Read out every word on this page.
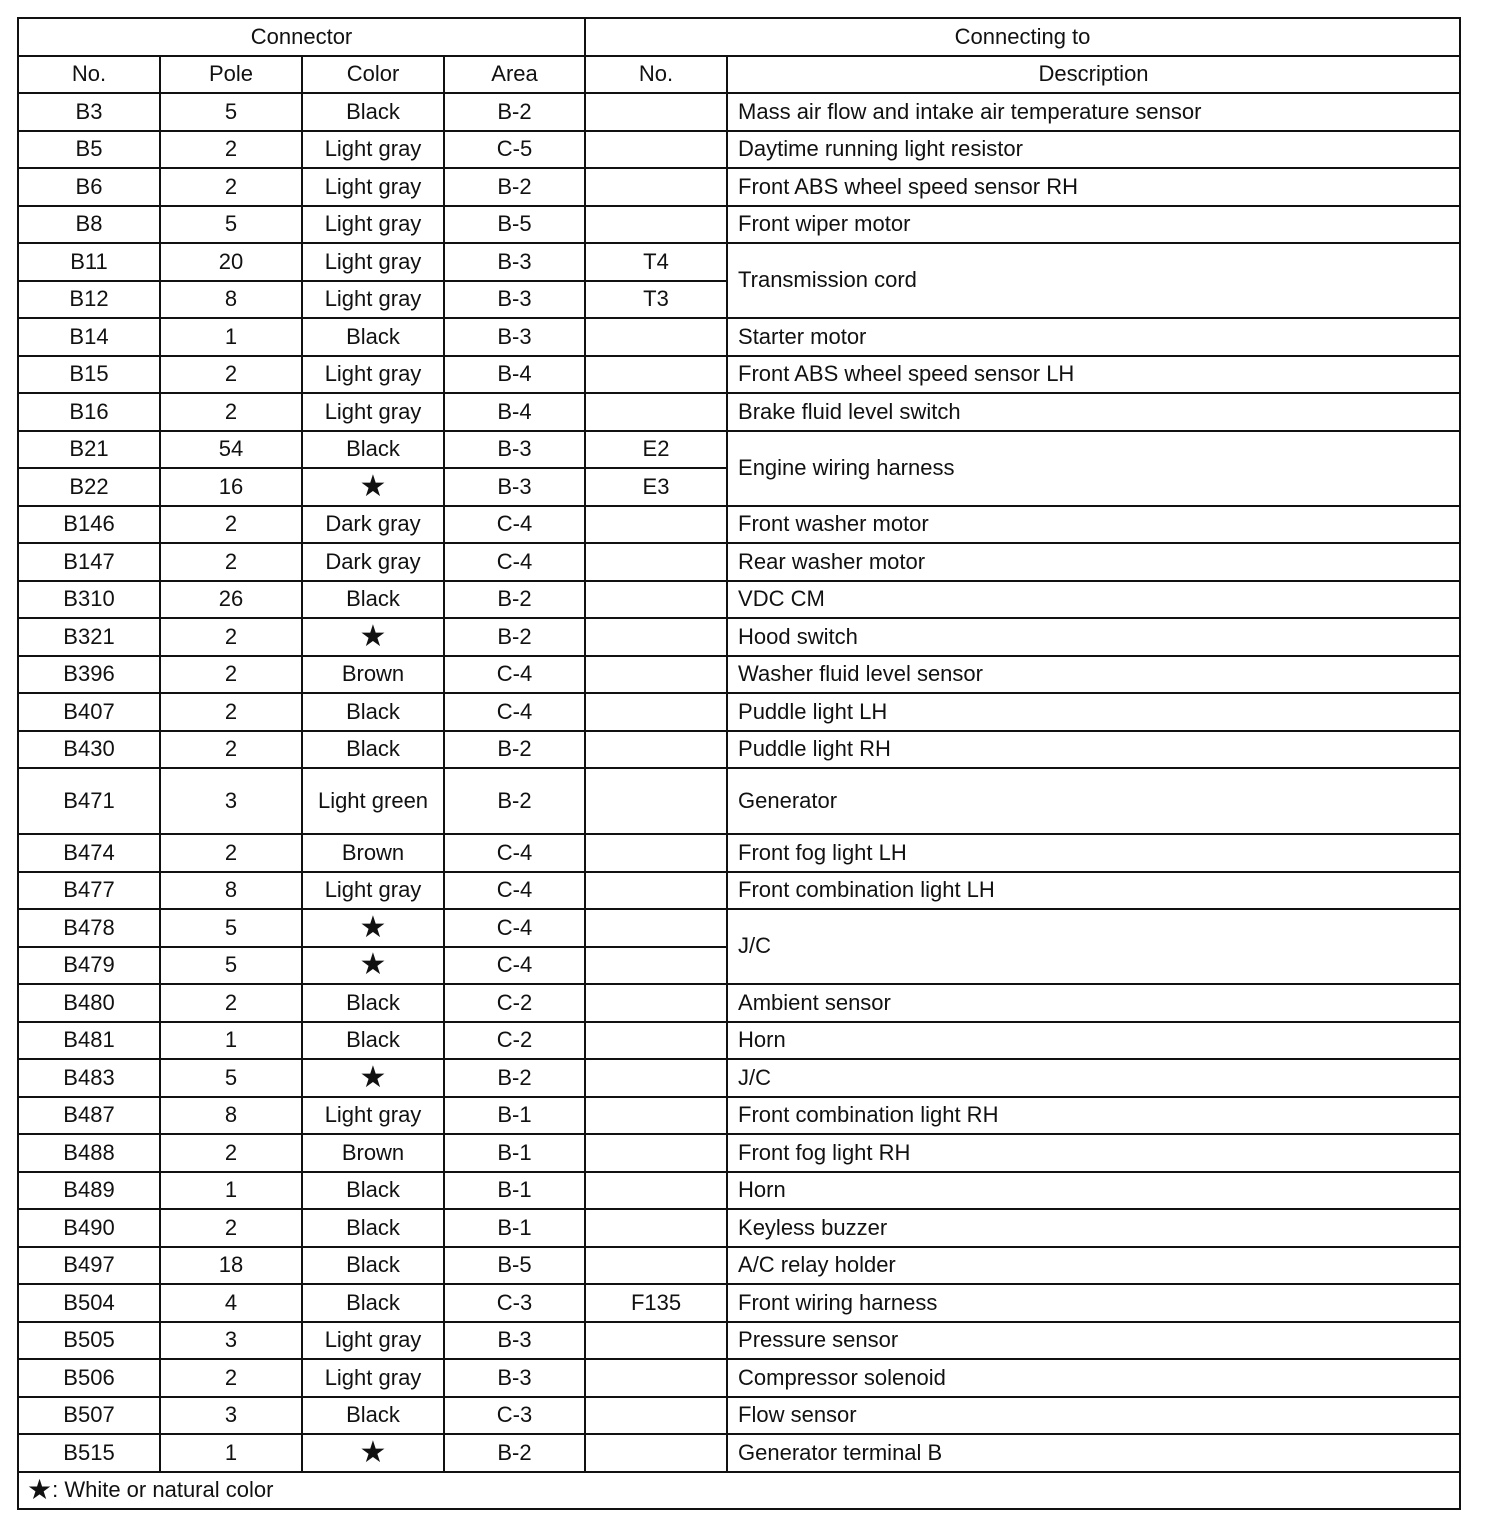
Connector				Connecting to	
No.	Pole	Color	Area	No.	Description
B3	5	Black	B-2		Mass air flow and intake air temperature sensor
B5	2	Light gray	C-5		Daytime running light resistor
B6	2	Light gray	B-2		Front ABS wheel speed sensor RH
B8	5	Light gray	B-5		Front wiper motor
B11	20	Light gray	B-3	T4	Transmission cord
B12	8	Light gray	B-3	T3	
B14	1	Black	B-3		Starter motor
B15	2	Light gray	B-4		Front ABS wheel speed sensor LH
B16	2	Light gray	B-4		Brake fluid level switch
B21	54	Black	B-3	E2	Engine wiring harness
B22	16	★	B-3	E3	
B146	2	Dark gray	C-4		Front washer motor
B147	2	Dark gray	C-4		Rear washer motor
B310	26	Black	B-2		VDC CM
B321	2	★	B-2		Hood switch
B396	2	Brown	C-4		Washer fluid level sensor
B407	2	Black	C-4		Puddle light LH
B430	2	Black	B-2		Puddle light RH
B471	3	Light green	B-2		Generator
B474	2	Brown	C-4		Front fog light LH
B477	8	Light gray	C-4		Front combination light LH
B478	5	★	C-4		J/C
B479	5	★	C-4		
B480	2	Black	C-2		Ambient sensor
B481	1	Black	C-2		Horn
B483	5	★	B-2		J/C
B487	8	Light gray	B-1		Front combination light RH
B488	2	Brown	B-1		Front fog light RH
B489	1	Black	B-1		Horn
B490	2	Black	B-1		Keyless buzzer
B497	18	Black	B-5		A/C relay holder
B504	4	Black	C-3	F135	Front wiring harness
B505	3	Light gray	B-3		Pressure sensor
B506	2	Light gray	B-3		Compressor solenoid
B507	3	Black	C-3		Flow sensor
B515	1	★	B-2		Generator terminal B
★: White or natural color					
